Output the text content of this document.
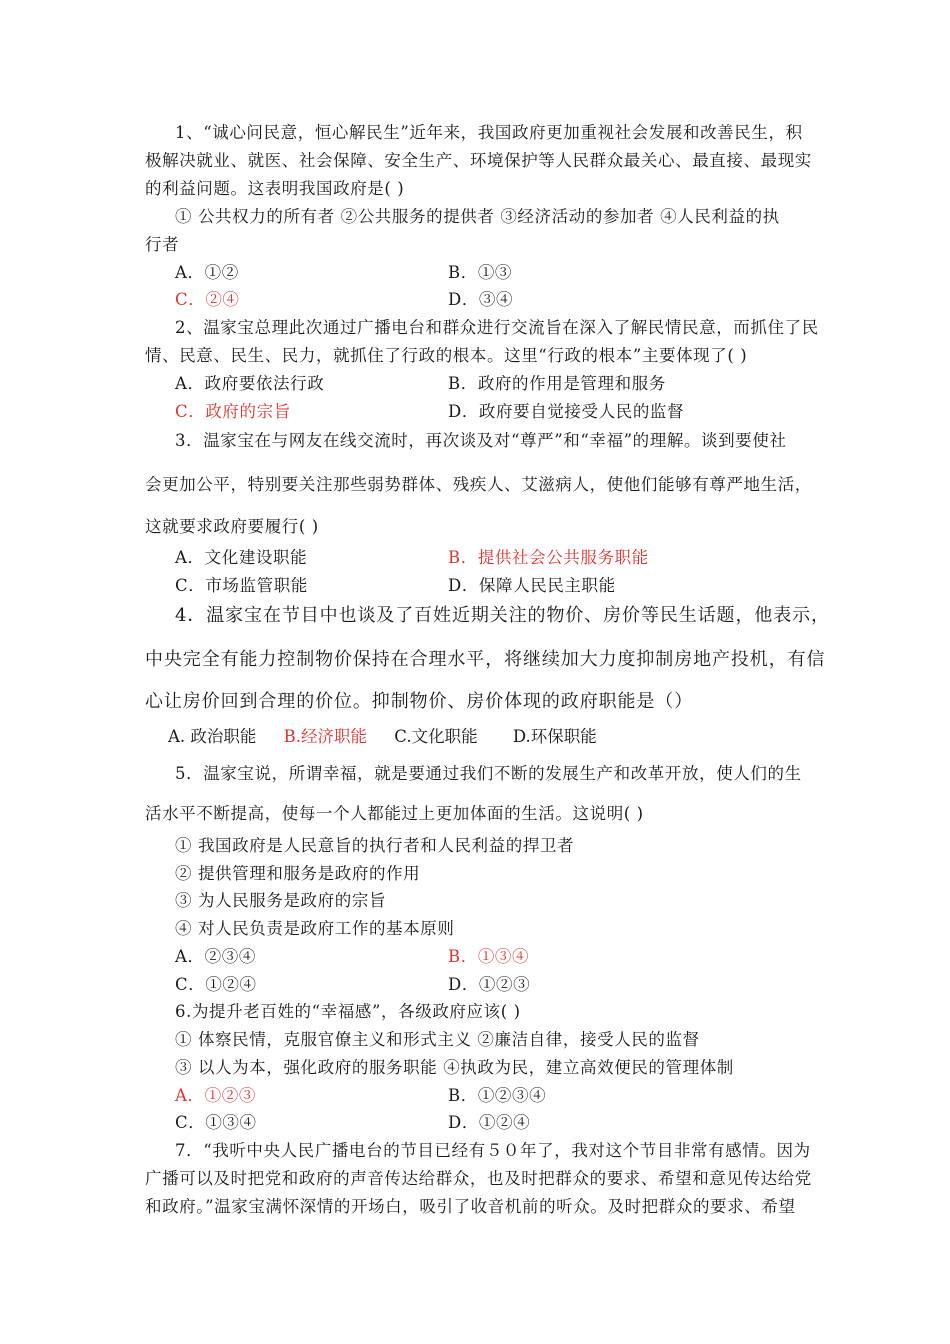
1、“诚心问民意，恒心解民生”近年来，我国政府更加重视社会发展和改善民生，积
极解决就业、就医、社会保障、安全生产、环境保护等人民群众最关心、最直接、最现实
的利益问题。这表明我国政府是( )
① 公共权力的所有者 ②公共服务的提供者 ③经济活动的参加者 ④人民利益的执
行者
A．①②	B．①③
C．②④	D．③④
2、温家宝总理此次通过广播电台和群众进行交流旨在深入了解民情民意，而抓住了民
情、民意、民生、民力，就抓住了行政的根本。这里“行政的根本”主要体现了( )
A．政府要依法行政	B．政府的作用是管理和服务
C．政府的宗旨	D．政府要自觉接受人民的监督
3．温家宝在与网友在线交流时，再次谈及对“尊严”和“幸福”的理解。谈到要使社
会更加公平，特别要关注那些弱势群体、残疾人、艾滋病人，使他们能够有尊严地生活，
这就要求政府要履行( )
A．文化建设职能	B．提供社会公共服务职能
C．市场监管职能	D．保障人民民主职能
4．温家宝在节目中也谈及了百姓近期关注的物价、房价等民生话题，他表示，
中央完全有能力控制物价保持在合理水平，将继续加大力度抑制房地产投机，有信
心让房价回到合理的价位。抑制物价、房价体现的政府职能是（）
A. 政治职能 B.经济职能 C.文化职能 D.环保职能
5．温家宝说，所谓幸福，就是要通过我们不断的发展生产和改革开放，使人们的生
活水平不断提高，使每一个人都能过上更加体面的生活。这说明( )
① 我国政府是人民意旨的执行者和人民利益的捍卫者
② 提供管理和服务是政府的作用
③ 为人民服务是政府的宗旨
④ 对人民负责是政府工作的基本原则
A．②③④	B．①③④
C．①②④	D．①②③
6.为提升老百姓的“幸福感”，各级政府应该( )
① 体察民情，克服官僚主义和形式主义 ②廉洁自律，接受人民的监督
③ 以人为本，强化政府的服务职能 ④执政为民，建立高效便民的管理体制
A．①②③	B．①②③④
C．①③④	D．①②④
7．“我听中央人民广播电台的节目已经有５０年了，我对这个节目非常有感情。因为
广播可以及时把党和政府的声音传达给群众，也及时把群众的要求、希望和意见传达给党
和政府。”温家宝满怀深情的开场白，吸引了收音机前的听众。及时把群众的要求、希望
